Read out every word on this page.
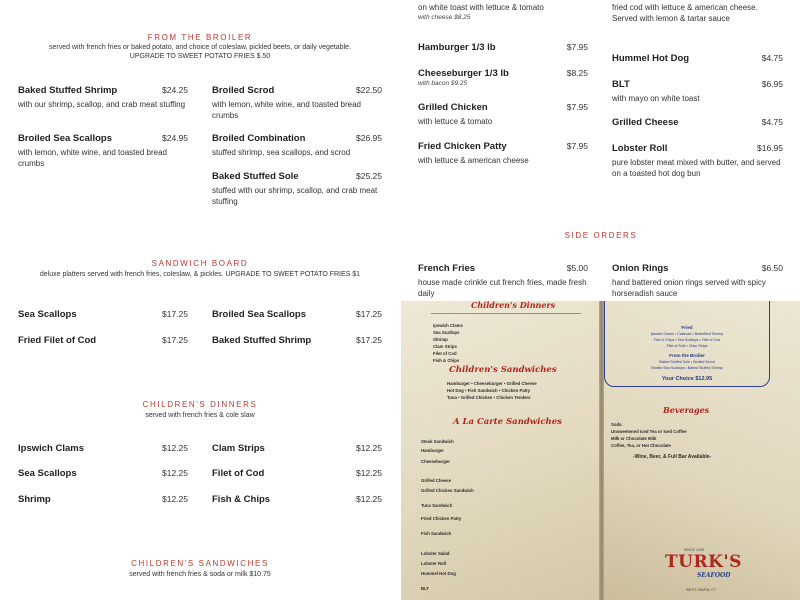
on white toast with lettuce & tomato
with cheese $8.25
Hamburger 1/3 lb	$7.95
Cheeseburger 1/3 lb	$8.25
with bacon $9.25
Grilled Chicken	$7.95
with lettuce & tomato
Fried Chicken Patty	$7.95
with lettuce & american cheese
fried cod with lettuce & american cheese. Served with lemon & tartar sauce
Hummel Hot Dog	$4.75
BLT	$6.95
with mayo on white toast
Grilled Cheese	$4.75
Lobster Roll	$16.95
pure lobster meat mixed with butter, and served on a toasted hot dog bun
SIDE ORDERS
French Fries	$5.00
house made crinkle cut french fries, made fresh daily
Onion Rings	$6.50
hand battered onion rings served with spicy horseradish sauce
FROM THE BROILER
served with french fries or baked potato, and choice of coleslaw, pickled beets, or daily vegetable.
UPGRADE TO SWEET POTATO FRIES $.50
Baked Stuffed Shrimp	$24.25
with our shrimp, scallop, and crab meat stuffing
Broiled Sea Scallops	$24.95
with lemon, white wine, and toasted bread crumbs
Broiled Scrod	$22.50
with lemon, white wine, and toasted bread crumbs
Broiled Combination	$26.95
stuffed shrimp, sea scallops, and scrod
Baked Stuffed Sole	$25.25
stuffed with our shrimp, scallop, and crab meat stuffing
SANDWICH BOARD
deluxe platters served with french fries, coleslaw, & pickles. UPGRADE TO SWEET POTATO FRIES $1
Sea Scallops	$17.25	Broiled Sea Scallops	$17.25
Fried Filet of Cod	$17.25	Baked Stuffed Shrimp	$17.25
CHILDREN'S DINNERS
served with french fries & cole slaw
Ipswich Clams	$12.25	Clam Strips	$12.25
Sea Scallops	$12.25	Filet of Cod	$12.25
Shrimp	$12.25	Fish & Chips	$12.25
CHILDREN'S SANDWICHES
served with french fries & soda or milk $10.75
Children's Dinners
Ipswich Clams
Sea Scallops
Shrimp
Clam Strips
Filet of Cod
Fish & Chips
Children's Sandwiches
Hamburger • Cheeseburger • Grilled Cheese
Hot Dog • Fish Sandwich • Chicken Patty
Tuna • Grilled Chicken • Chicken Tenders
A La Carte Sandwiches
Steak Sandwich
Hamburger
Cheeseburger
Grilled Cheese
Grilled Chicken Sandwich
Tuna Sandwich
Fried Chicken Patty
Fish Sandwich
Lobster Salad
Lobster Roll
Hummel Hot Dog
BLT
Fried
Ipswich Clams • Calamari • Butterflied Shrimp
Fish & Chips • Sea Scallops • Filet of Cod
Filet of Sole • Clam Strips
From the Broiler
Baked Stuffed Sole • Broiled Scrod
Broiled Sea Scallops • Baked Stuffed Shrimp
Your Choice $12.95
Beverages
Soda
Unsweetened Iced Tea or Iced Coffee
Milk or Chocolate Milk
Coffee, Tea, or Hot Chocolate
-Wine, Beer, & Full Bar Available-
SINCE 1939
TURK'S
SEAFOOD
WEST HAVEN, CT
